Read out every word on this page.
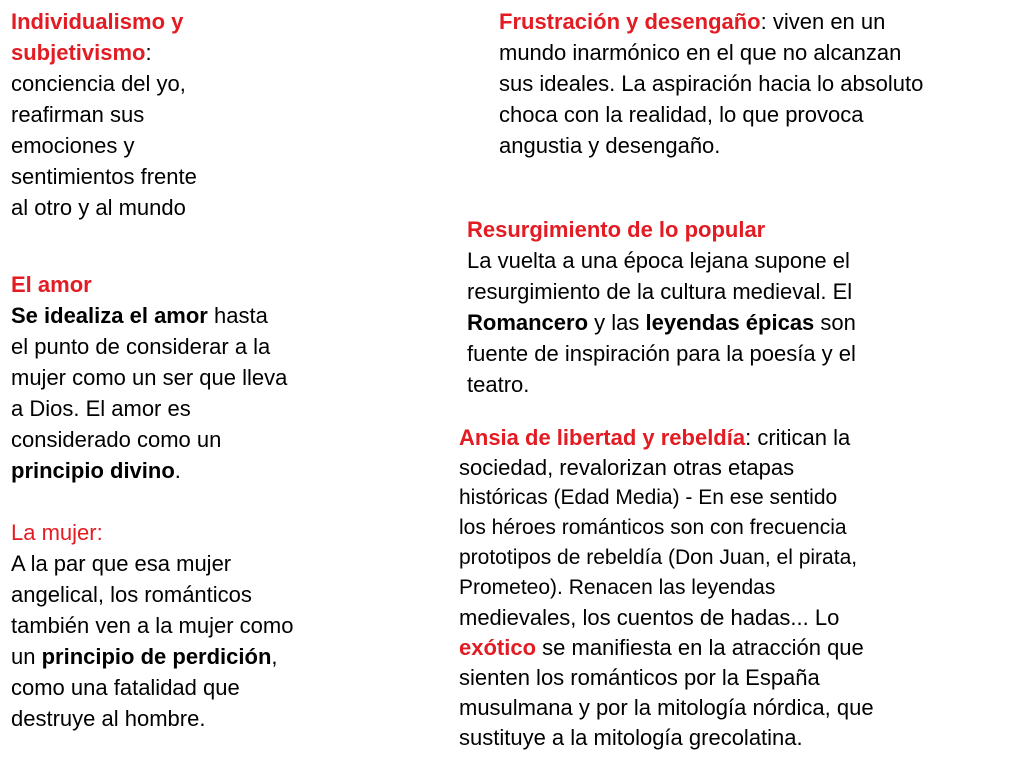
Individualismo y
subjetivismo:
conciencia del yo,
reafirman sus
emociones y
sentimientos frente
al otro y al mundo
El amor
Se idealiza el amor hasta
el punto de considerar a la
mujer como un ser que lleva
a Dios. El amor es
considerado como un
principio divino.
La mujer:
A la par que esa mujer
angelical, los románticos
también ven a la mujer como
un principio de perdición,
como una fatalidad que
destruye al hombre.
Frustración y desengaño: viven en un
mundo inarmónico en el que no alcanzan
sus ideales. La aspiración hacia lo absoluto
choca con la realidad, lo que provoca
angustia y desengaño.
Resurgimiento de lo popular
La vuelta a una época lejana supone el
resurgimiento de la cultura medieval. El
Romancero y las leyendas épicas son
fuente de inspiración para la poesía y el
teatro.
Ansia de libertad y rebeldía: critican la
sociedad, revalorizan otras etapas
históricas (Edad Media) - En ese sentido
los héroes románticos son con frecuencia
prototipos de rebeldía (Don Juan, el pirata,
Prometeo). Renacen las leyendas
medievales, los cuentos de hadas... Lo
exótico se manifiesta en la atracción que
sienten los románticos por la España
musulmana y por la mitología nórdica, que
sustituye a la mitología grecolatina.
